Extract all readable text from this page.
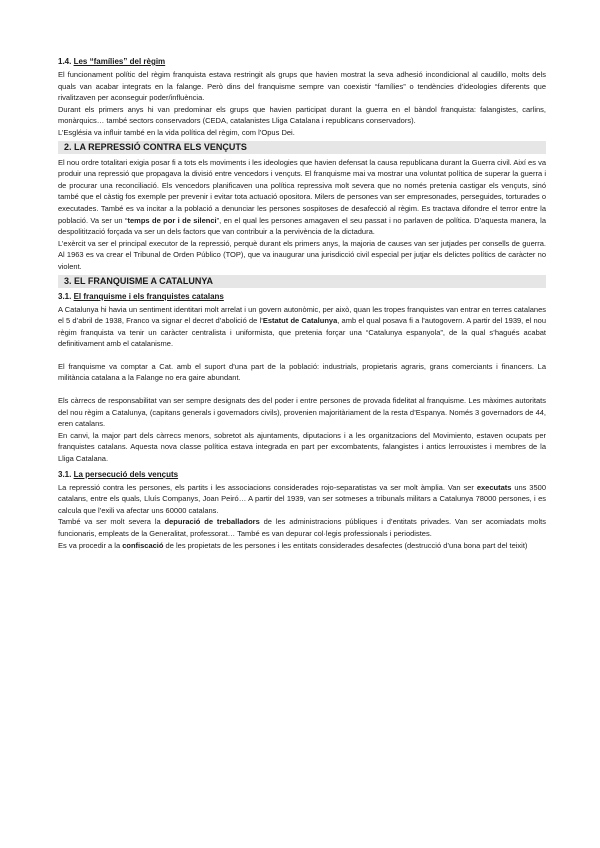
1.4. Les “famílies” del règim

El funcionament polític del règim franquista estava restringit als grups que havien mostrat la seva adhesió incondicional al caudillo, molts dels quals van acabar integrats en la falange. Però dins del franquisme sempre van coexistir “famílies” o tendències d’ideologies diferents que rivalitzaven per aconseguir poder/influència.

Durant els primers anys hi van predominar els grups que havien participat durant la guerra en el bàndol franquista: falangistes, carlins, monàrquics… també sectors conservadors (CEDA, catalanistes Lliga Catalana i republicans conservadors).

L’Església va influir també en la vida política del règim, com l’Opus Dei.

2. LA REPRESSIÓ CONTRA ELS VENÇUTS

El nou ordre totalitari exigia posar fi a tots els moviments i les ideologies que havien defensat la causa republicana durant la Guerra civil. Així es va produir una repressió que propagava la divisió entre vencedors i vençuts. El franquisme mai va mostrar una voluntat política de superar la guerra i de procurar una reconciliació. Els vencedors planificaven una política repressiva molt severa que no només pretenia castigar els vençuts, sinó també que el càstig fos exemple per prevenir i evitar tota actuació opositora. Milers de persones van ser empresonades, perseguides, torturades o executades. També es va incitar a la població a denunciar les persones sospitoses de desafecció al règim. Es tractava difondre el terror entre la població. Va ser un “temps de por i de silenci”, en el qual les persones amagaven el seu passat i no parlaven de política. D’aquesta manera, la despolitització forçada va ser un dels factors que van contribuir a la pervivència de la dictadura.

L’exèrcit va ser el principal executor de la repressió, perquè durant els primers anys, la majoria de causes van ser jutjades per consells de guerra. Al 1963 es va crear el Tribunal de Orden Público (TOP), que va inaugurar una jurisdicció civil especial per jutjar els delictes polítics de caràcter no violent.

3. EL FRANQUISME A CATALUNYA
3.1. El franquisme i els franquistes catalans

A Catalunya hi havia un sentiment identitari molt arrelat i un govern autonòmic, per això, quan les tropes franquistes van entrar en terres catalanes el 5 d’abril de 1938, Franco va signar el decret d’abolició de l’Estatut de Catalunya, amb el qual posava fi a l’autogovern. A partir del 1939, el nou règim franquista va tenir un caràcter centralista i uniformista, que pretenia forçar una “Catalunya espanyola”, de la qual s’hagués acabat definitivament amb el catalanisme.

El franquisme va comptar a Cat. amb el suport d’una part de la població: industrials, propietaris agraris, grans comerciants i financers. La militància catalana a la Falange no era gaire abundant.

Els càrrecs de responsabilitat van ser sempre designats des del poder i entre persones de provada fidelitat al franquisme. Les màximes autoritats del nou règim a Catalunya, (capitans generals i governadors civils), provenien majoritàriament de la resta d’Espanya. Només 3 governadors de 44, eren catalans.

En canvi, la major part dels càrrecs menors, sobretot als ajuntaments, diputacions i a les organitzacions del Movimiento, estaven ocupats per franquistes catalans. Aquesta nova classe política estava integrada en part per excombatents, falangistes i antics lerrouxistes i membres de la Lliga Catalana.

3.1. La persecució dels vençuts

La repressió contra les persones, els partits i les associacions considerades rojo-separatistas va ser molt àmplia. Van ser executats uns 3500 catalans, entre els quals, Lluís Companys, Joan Peiró… A partir del 1939, van ser sotmeses a tribunals militars a Catalunya 78000 persones, i es calcula que l’exili va afectar uns 60000 catalans.

També va ser molt severa la depuració de treballadors de les administracions públiques i d’entitats privades. Van ser acomiadats molts funcionaris, empleats de la Generalitat, professorat… També es van depurar col·legis professionals i periodistes.

Es va procedir a la confiscació de les propietats de les persones i les entitats considerades desafectes (destrucció d’una bona part del teixit)
